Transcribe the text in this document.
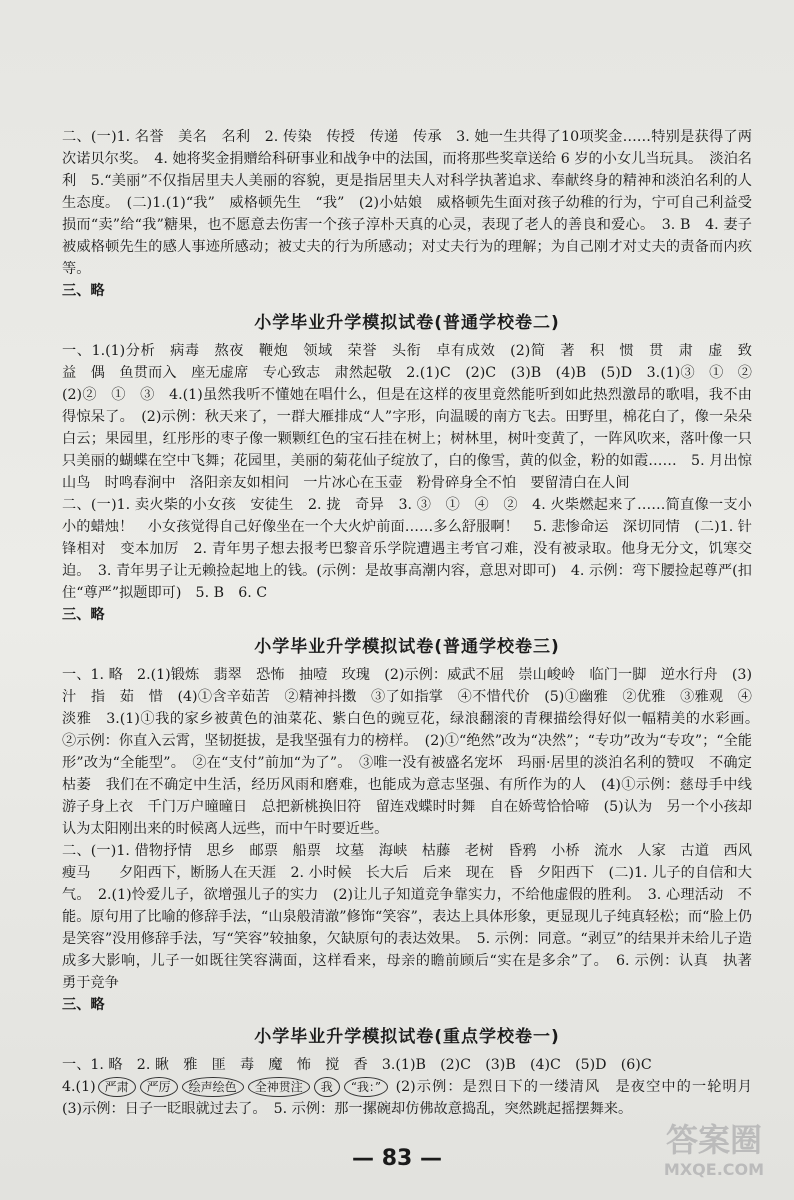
二、(一)1. 名誉　美名　名利　2. 传染　传授　传递　传承　3. 她一生共得了10项奖金……特别是获得了两次诺贝尔奖。　4. 她将奖金捐赠给科研事业和战争中的法国，而将那些奖章送给 6 岁的小女儿当玩具。　淡泊名利　5.“美丽”不仅指居里夫人美丽的容貌，更是指居里夫人对科学执著追求、奉献终身的精神和淡泊名利的人生态度。　(二)1.(1)“我”　威格顿先生　“我”　(2)小姑娘　威格顿先生面对孩子幼稚的行为，宁可自己利益受损而“卖”给“我”糖果，也不愿意去伤害一个孩子淳朴天真的心灵，表现了老人的善良和爱心。　3. B　4. 妻子被威格顿先生的感人事迹所感动；被丈夫的行为所感动；对丈夫行为的理解；为自己刚才对丈夫的责备而内疚等。

三、略

小学毕业升学模拟试卷(普通学校卷二)

一、1.(1)分析　病毒　熬夜　鞭炮　领域　荣誉　头衔　卓有成效　(2)简　著　积　惯　贯　肃　虚　致　益　偶　鱼贯而入　座无虚席　专心致志　肃然起敬　2.(1)C　(2)C　(3)B　(4)B　(5)D　3.(1)③　①　②　(2)②　①　③　4.(1)虽然我听不懂她在唱什么，但是在这样的夜里竟然能听到如此热烈激昂的歌唱，我不由得惊呆了。　(2)示例：秋天来了，一群大雁排成“人”字形，向温暖的南方飞去。田野里，棉花白了，像一朵朵白云；果园里，红彤彤的枣子像一颗颗红色的宝石挂在树上；树林里，树叶变黄了，一阵风吹来，落叶像一只只美丽的蝴蝶在空中飞舞；花园里，美丽的菊花仙子绽放了，白的像雪，黄的似金，粉的如霞……　5. 月出惊山鸟　时鸣春涧中　洛阳亲友如相问　一片冰心在玉壶　粉骨碎身全不怕　要留清白在人间

二、(一)1. 卖火柴的小女孩　安徒生　2. 拢　奇异　3. ③　①　④　②　4. 火柴燃起来了……简直像一支小小的蜡烛！　小女孩觉得自己好像坐在一个大火炉前面……多么舒服啊！　5. 悲惨命运　深切同情　(二)1. 针锋相对　变本加厉　2. 青年男子想去报考巴黎音乐学院遭遇主考官刁难，没有被录取。他身无分文，饥寒交迫。　3. 青年男子让无赖捡起地上的钱。(示例：是故事高潮内容，意思对即可)　4. 示例：弯下腰捡起尊严(扣住“尊严”拟题即可)　5. B　6. C

三、略

小学毕业升学模拟试卷(普通学校卷三)

一、1. 略　2.(1)锻炼　翡翠　恐怖　抽噎　玫瑰　(2)示例：威武不屈　崇山峻岭　临门一脚　逆水行舟　(3)汁　指　茹　惜　(4)①含辛茹苦　②精神抖擞　③了如指掌　④不惜代价　(5)①幽雅　②优雅　③雅观　④淡雅　3.(1)①我的家乡被黄色的油菜花、紫白色的豌豆花，绿浪翻滚的青稞描绘得好似一幅精美的水彩画。　②示例：你直入云霄，坚韧挺拔，是我坚强有力的榜样。　(2)①“绝然”改为“决然”；“专功”改为“专攻”；“全能形”改为“全能型”。　②在“支付”前加“为了”。　③唯一没有被盛名宠坏　玛丽·居里的淡泊名利的赞叹　不确定　枯萎　我们在不确定中生活，经历风雨和磨难，也能成为意志坚强、有所作为的人　(4)①示例：慈母手中线　游子身上衣　千门万户曈曈日　总把新桃换旧符　留连戏蝶时时舞　自在娇莺恰恰啼　(5)认为　另一个小孩却认为太阳刚出来的时候离人远些，而中午时要近些。

二、(一)1. 借物抒情　思乡　邮票　船票　坟墓　海峡　枯藤　老树　昏鸦　小桥　流水　人家　古道　西风　瘦马　　夕阳西下，断肠人在天涯　2. 小时候　长大后　后来　现在　昏　夕阳西下　(二)1. 儿子的自信和大气。　2.(1)怜爱儿子，欲增强儿子的实力　(2)让儿子知道竞争靠实力，不给他虚假的胜利。　3. 心理活动　不能。原句用了比喻的修辞手法，“山泉般清澈”修饰“笑容”，表达上具体形象，更显现儿子纯真轻松；而“脸上仍是笑容”没用修辞手法，写“笑容”较抽象，欠缺原句的表达效果。　5. 示例：同意。“剥豆”的结果并未给儿子造成多大影响，儿子一如既往笑容满面，这样看来，母亲的瞻前顾后“实在是多余”了。　6. 示例：认真　执著　勇于竞争

三、略

小学毕业升学模拟试卷(重点学校卷一)

一、1. 略　2. 瞅　雅　匪　毒　魔　怖　搅　香　3.(1)B　(2)C　(3)B　(4)C　(5)D　(6)C

4.(1) 严肃 严厉 绘声绘色 全神贯注 我 “我：” (2)示例：是烈日下的一缕清风　是夜空中的一轮明月　(3)示例：日子一眨眼就过去了。　5. 示例：那一摞碗却仿佛故意捣乱，突然跳起摇摆舞来。

— 83 —	答案圈
MXQE.COM
